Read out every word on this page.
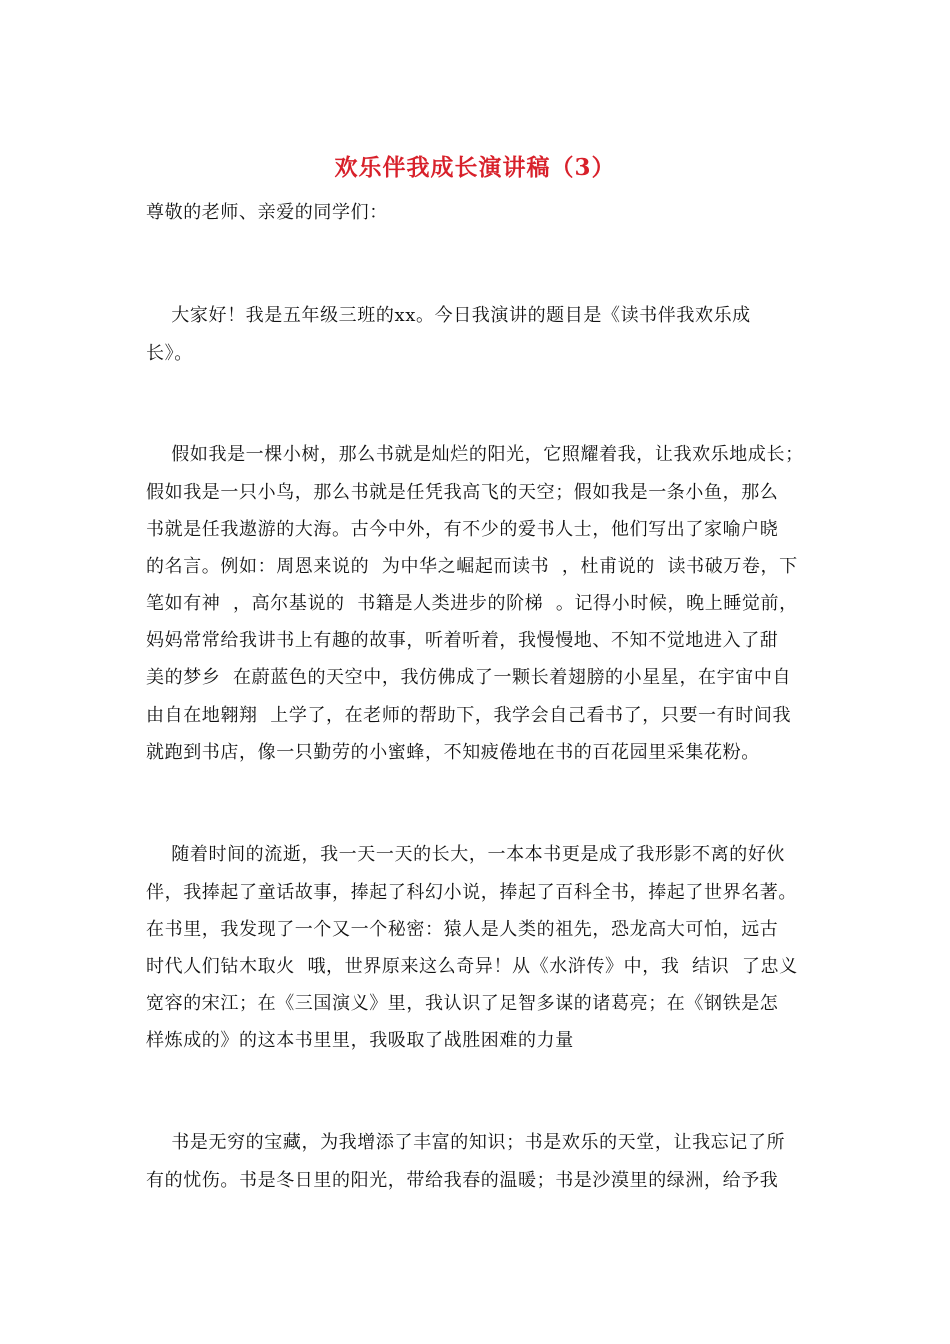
欢乐伴我成长演讲稿（3）
尊敬的老师、亲爱的同学们：
大家好！我是五年级三班的xx。今日我演讲的题目是《读书伴我欢乐成
长》。
假如我是一棵小树，那么书就是灿烂的阳光，它照耀着我，让我欢乐地成长；
假如我是一只小鸟，那么书就是任凭我高飞的天空；假如我是一条小鱼，那么
书就是任我遨游的大海。古今中外，有不少的爱书人士，他们写出了家喻户晓
的名言。例如：周恩来说的  为中华之崛起而读书  ，杜甫说的  读书破万卷，下
笔如有神  ，高尔基说的  书籍是人类进步的阶梯  。记得小时候，晚上睡觉前，
妈妈常常给我讲书上有趣的故事，听着听着，我慢慢地、不知不觉地进入了甜
美的梦乡  在蔚蓝色的天空中，我仿佛成了一颗长着翅膀的小星星，在宇宙中自
由自在地翱翔  上学了，在老师的帮助下，我学会自己看书了，只要一有时间我
就跑到书店，像一只勤劳的小蜜蜂，不知疲倦地在书的百花园里采集花粉。
随着时间的流逝，我一天一天的长大，一本本书更是成了我形影不离的好伙
伴，我捧起了童话故事，捧起了科幻小说，捧起了百科全书，捧起了世界名著。
在书里，我发现了一个又一个秘密：猿人是人类的祖先，恐龙高大可怕，远古
时代人们钻木取火  哦，世界原来这么奇异！从《水浒传》中，我  结识  了忠义
宽容的宋江；在《三国演义》里，我认识了足智多谋的诸葛亮；在《钢铁是怎
样炼成的》的这本书里里，我吸取了战胜困难的力量
书是无穷的宝藏，为我增添了丰富的知识；书是欢乐的天堂，让我忘记了所
有的忧伤。书是冬日里的阳光，带给我春的温暖；书是沙漠里的绿洲，给予我
